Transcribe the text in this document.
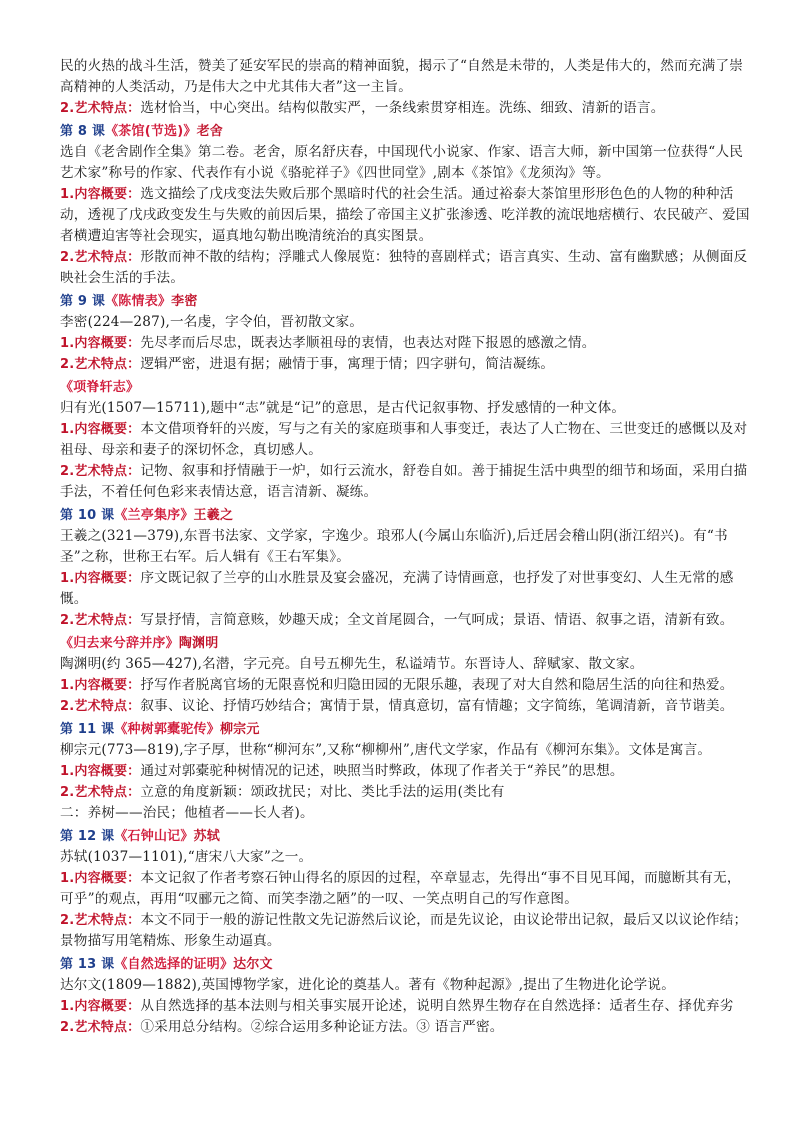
民的火热的战斗生活，赞美了延安军民的崇高的精神面貌，揭示了“自然是未带的，人类是伟大的，然而充满了崇高精神的人类活动，乃是伟大之中尤其伟大者”这一主旨。

2.艺术特点：选材恰当，中心突出。结构似散实严，一条线索贯穿相连。洗练、细致、清新的语言。

第 8 课《茶馆(节选)》老舍

选自《老舍剧作全集》第二卷。老舍，原名舒庆春，中国现代小说家、作家、语言大师，新中国第一位获得“人民艺术家”称号的作家、代表作有小说《骆驼祥子》《四世同堂》,剧本《茶馆》《龙须沟》等。

1.内容概要：选文描绘了戊戌变法失败后那个黑暗时代的社会生活。通过裕泰大茶馆里形形色色的人物的种种活动，透视了戊戌政变发生与失败的前因后果，描绘了帝国主义扩张渗透、吃洋教的流氓地痞横行、农民破产、爱国者横遭迫害等社会现实，逼真地勾勒出晚清统治的真实图景。

2.艺术特点：形散而神不散的结构；浮雕式人像展览：独特的喜剧样式；语言真实、生动、富有幽默感；从侧面反映社会生活的手法。

第 9 课《陈情表》李密

李密(224—287),一名虔，字令伯，晋初散文家。

1.内容概要：先尽孝而后尽忠，既表达孝顺祖母的衷情，也表达对陛下报恩的感激之情。

2.艺术特点：逻辑严密，进退有据；融情于事，寓理于情；四字骈句，简洁凝练。

《项脊轩志》

归有光(1507—15711),题中“志”就是“记”的意思，是古代记叙事物、抒发感情的一种文体。

1.内容概要：本文借项脊轩的兴废，写与之有关的家庭琐事和人事变迁，表达了人亡物在、三世变迁的感慨以及对祖母、母亲和妻子的深切怀念，真切感人。

2.艺术特点：记物、叙事和抒情融于一炉，如行云流水，舒卷自如。善于捕捉生活中典型的细节和场面，采用白描手法，不着任何色彩来表情达意，语言清新、凝练。

第 10 课《兰亭集序》王羲之

王羲之(321—379),东晋书法家、文学家，字逸少。琅邪人(今属山东临沂),后迁居会稽山阴(浙江绍兴)。有“书圣”之称，世称王右军。后人辑有《王右军集》。

1.内容概要：序文既记叙了兰亭的山水胜景及宴会盛况，充满了诗情画意，也抒发了对世事变幻、人生无常的感慨。

2.艺术特点：写景抒情，言简意赅，妙趣天成；全文首尾圆合，一气呵成；景语、情语、叙事之语，清新有致。

《归去来兮辞并序》陶渊明

陶渊明(约 365—427),名潜，字元亮。自号五柳先生，私谥靖节。东晋诗人、辞赋家、散文家。

1.内容概要：抒写作者脱离官场的无限喜悦和归隐田园的无限乐趣，表现了对大自然和隐居生活的向往和热爱。

2.艺术特点：叙事、议论、抒情巧妙结合；寓情于景，情真意切，富有情趣；文字简练，笔调清新，音节谐美。

第 11 课《种树郭橐驼传》柳宗元

柳宗元(773—819),字子厚，世称“柳河东”,又称“柳柳州”,唐代文学家，作品有《柳河东集》。文体是寓言。

1.内容概要：通过对郭橐驼种树情况的记述，映照当时弊政，体现了作者关于“养民”的思想。

2.艺术特点：立意的角度新颖：颂政扰民；对比、类比手法的运用(类比有

二：养树——治民；他植者——长人者)。

第 12 课《石钟山记》苏轼

苏轼(1037—1101),“唐宋八大家”之一。

1.内容概要：本文记叙了作者考察石钟山得名的原因的过程，卒章显志，先得出“事不目见耳闻，而臆断其有无，可乎”的观点，再用“叹郦元之简、而笑李渤之陋”的一叹、一笑点明自己的写作意图。

2.艺术特点：本文不同于一般的游记性散文先记游然后议论，而是先议论，由议论带出记叙，最后又以议论作结；景物描写用笔精炼、形象生动逼真。

第 13 课《自然选择的证明》达尔文

达尔文(1809—1882),英国博物学家，进化论的奠基人。著有《物种起源》,提出了生物进化论学说。

1.内容概要：从自然选择的基本法则与相关事实展开论述，说明自然界生物存在自然选择：适者生存、择优弃劣

2.艺术特点：①采用总分结构。②综合运用多种论证方法。③ 语言严密。
